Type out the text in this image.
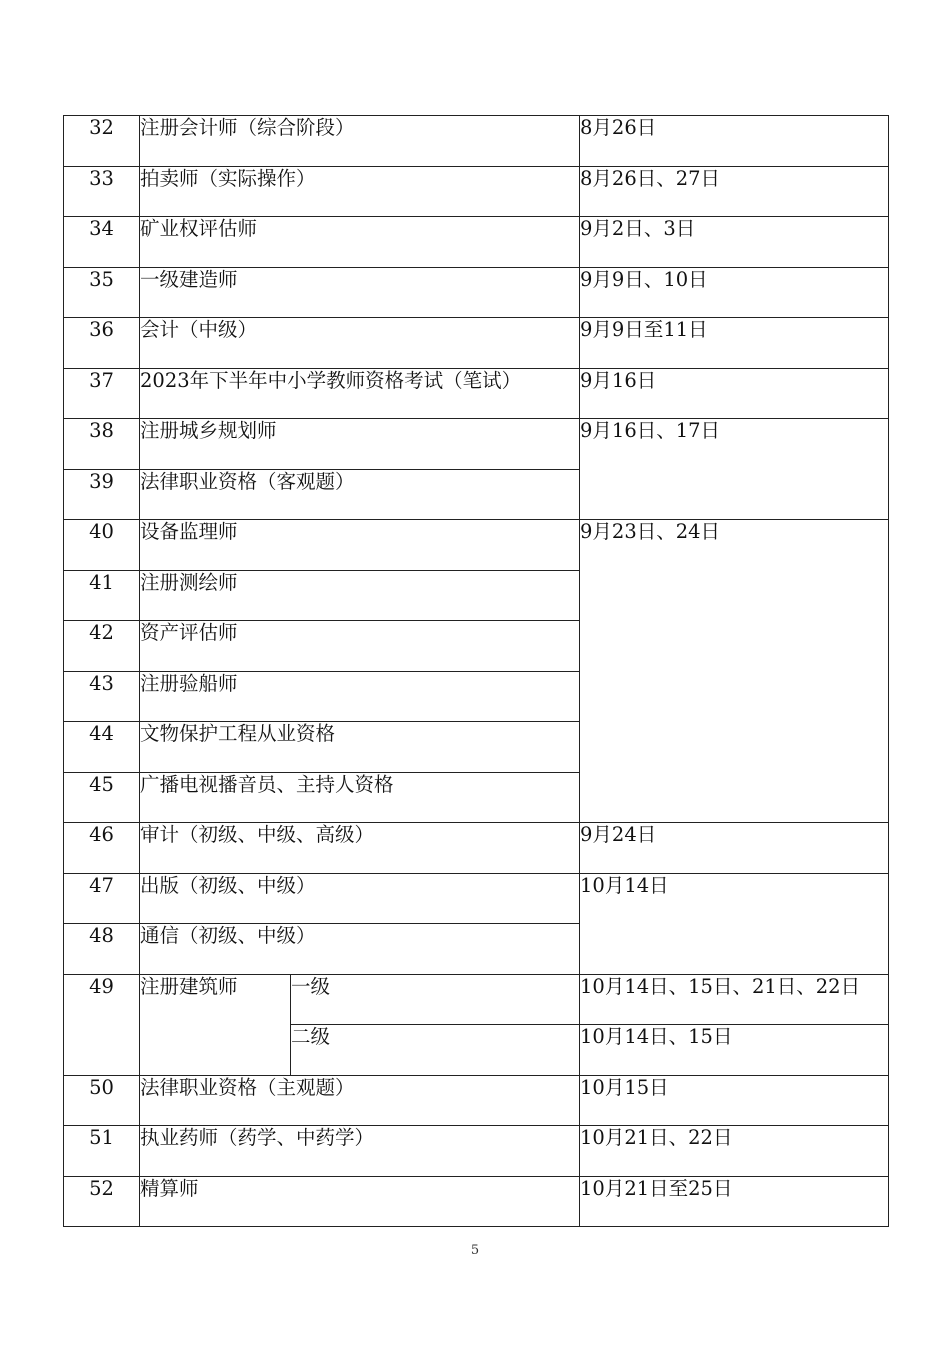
32	注册会计师（综合阶段）		8月26日
33	拍卖师（实际操作）		8月26日、27日
34	矿业权评估师		9月2日、3日
35	一级建造师		9月9日、10日
36	会计（中级）		9月9日至11日
37	2023年下半年中小学教师资格考试（笔试）		9月16日
38	注册城乡规划师		9月16日、17日
39	法律职业资格（客观题）		
40	设备监理师		9月23日、24日
41	注册测绘师		
42	资产评估师		
43	注册验船师		
44	文物保护工程从业资格		
45	广播电视播音员、主持人资格		
46	审计（初级、中级、高级）		9月24日
47	出版（初级、中级）		10月14日
48	通信（初级、中级）		
49	注册建筑师	一级	10月14日、15日、21日、22日
		二级	10月14日、15日
50	法律职业资格（主观题）		10月15日
51	执业药师（药学、中药学）		10月21日、22日
52	精算师		10月21日至25日
5
